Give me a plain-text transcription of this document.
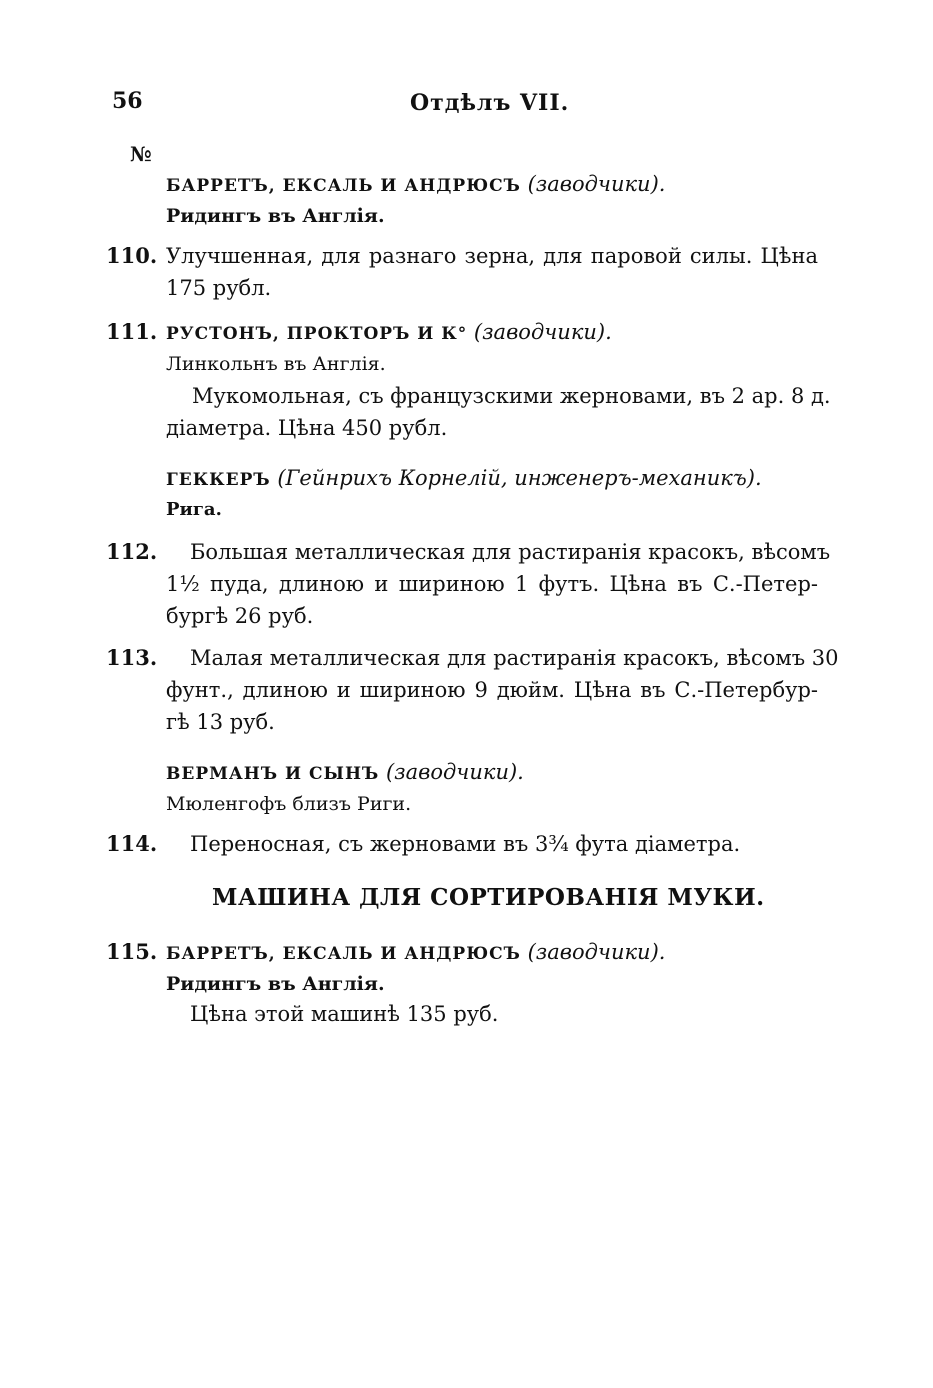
56	Отдѣлъ VII.
№
БАРРЕТЪ, ЕКСАЛЬ И АНДРЮСЪ (заводчики).
Ридингъ въ Англія.
110. Улучшенная, для разнаго зерна, для паровой силы. Цѣна
175 рубл.
111. РУСТОНЪ, ПРОКТОРЪ И К° (заводчики).
Линкольнъ въ Англія.
Мукомольная, съ французскими жерновами, въ 2 ар. 8 д.
діаметра. Цѣна 450 рубл.
ГЕККЕРЪ (Гейнрихъ Корнелій, инженеръ-механикъ).
Рига.
112. Большая металлическая для растиранія красокъ, вѣсомъ
1½ пуда, длиною и шириною 1 футъ. Цѣна въ С.-Петер-
бургѣ 26 руб.
113. Малая металлическая для растиранія красокъ, вѣсомъ 30
фунт., длиною и шириною 9 дюйм. Цѣна въ С.-Петербур-
гѣ 13 руб.
ВЕРМАНЪ И СЫНЪ (заводчики).
Мюленгофъ близъ Риги.
114. Переносная, съ жерновами въ 3¾ фута діаметра.
МАШИНА ДЛЯ СОРТИРОВАНІЯ МУКИ.
115. БАРРЕТЪ, ЕКСАЛЬ И АНДРЮСЪ (заводчики).
Ридингъ въ Англія.
Цѣна этой машинѣ 135 руб.
